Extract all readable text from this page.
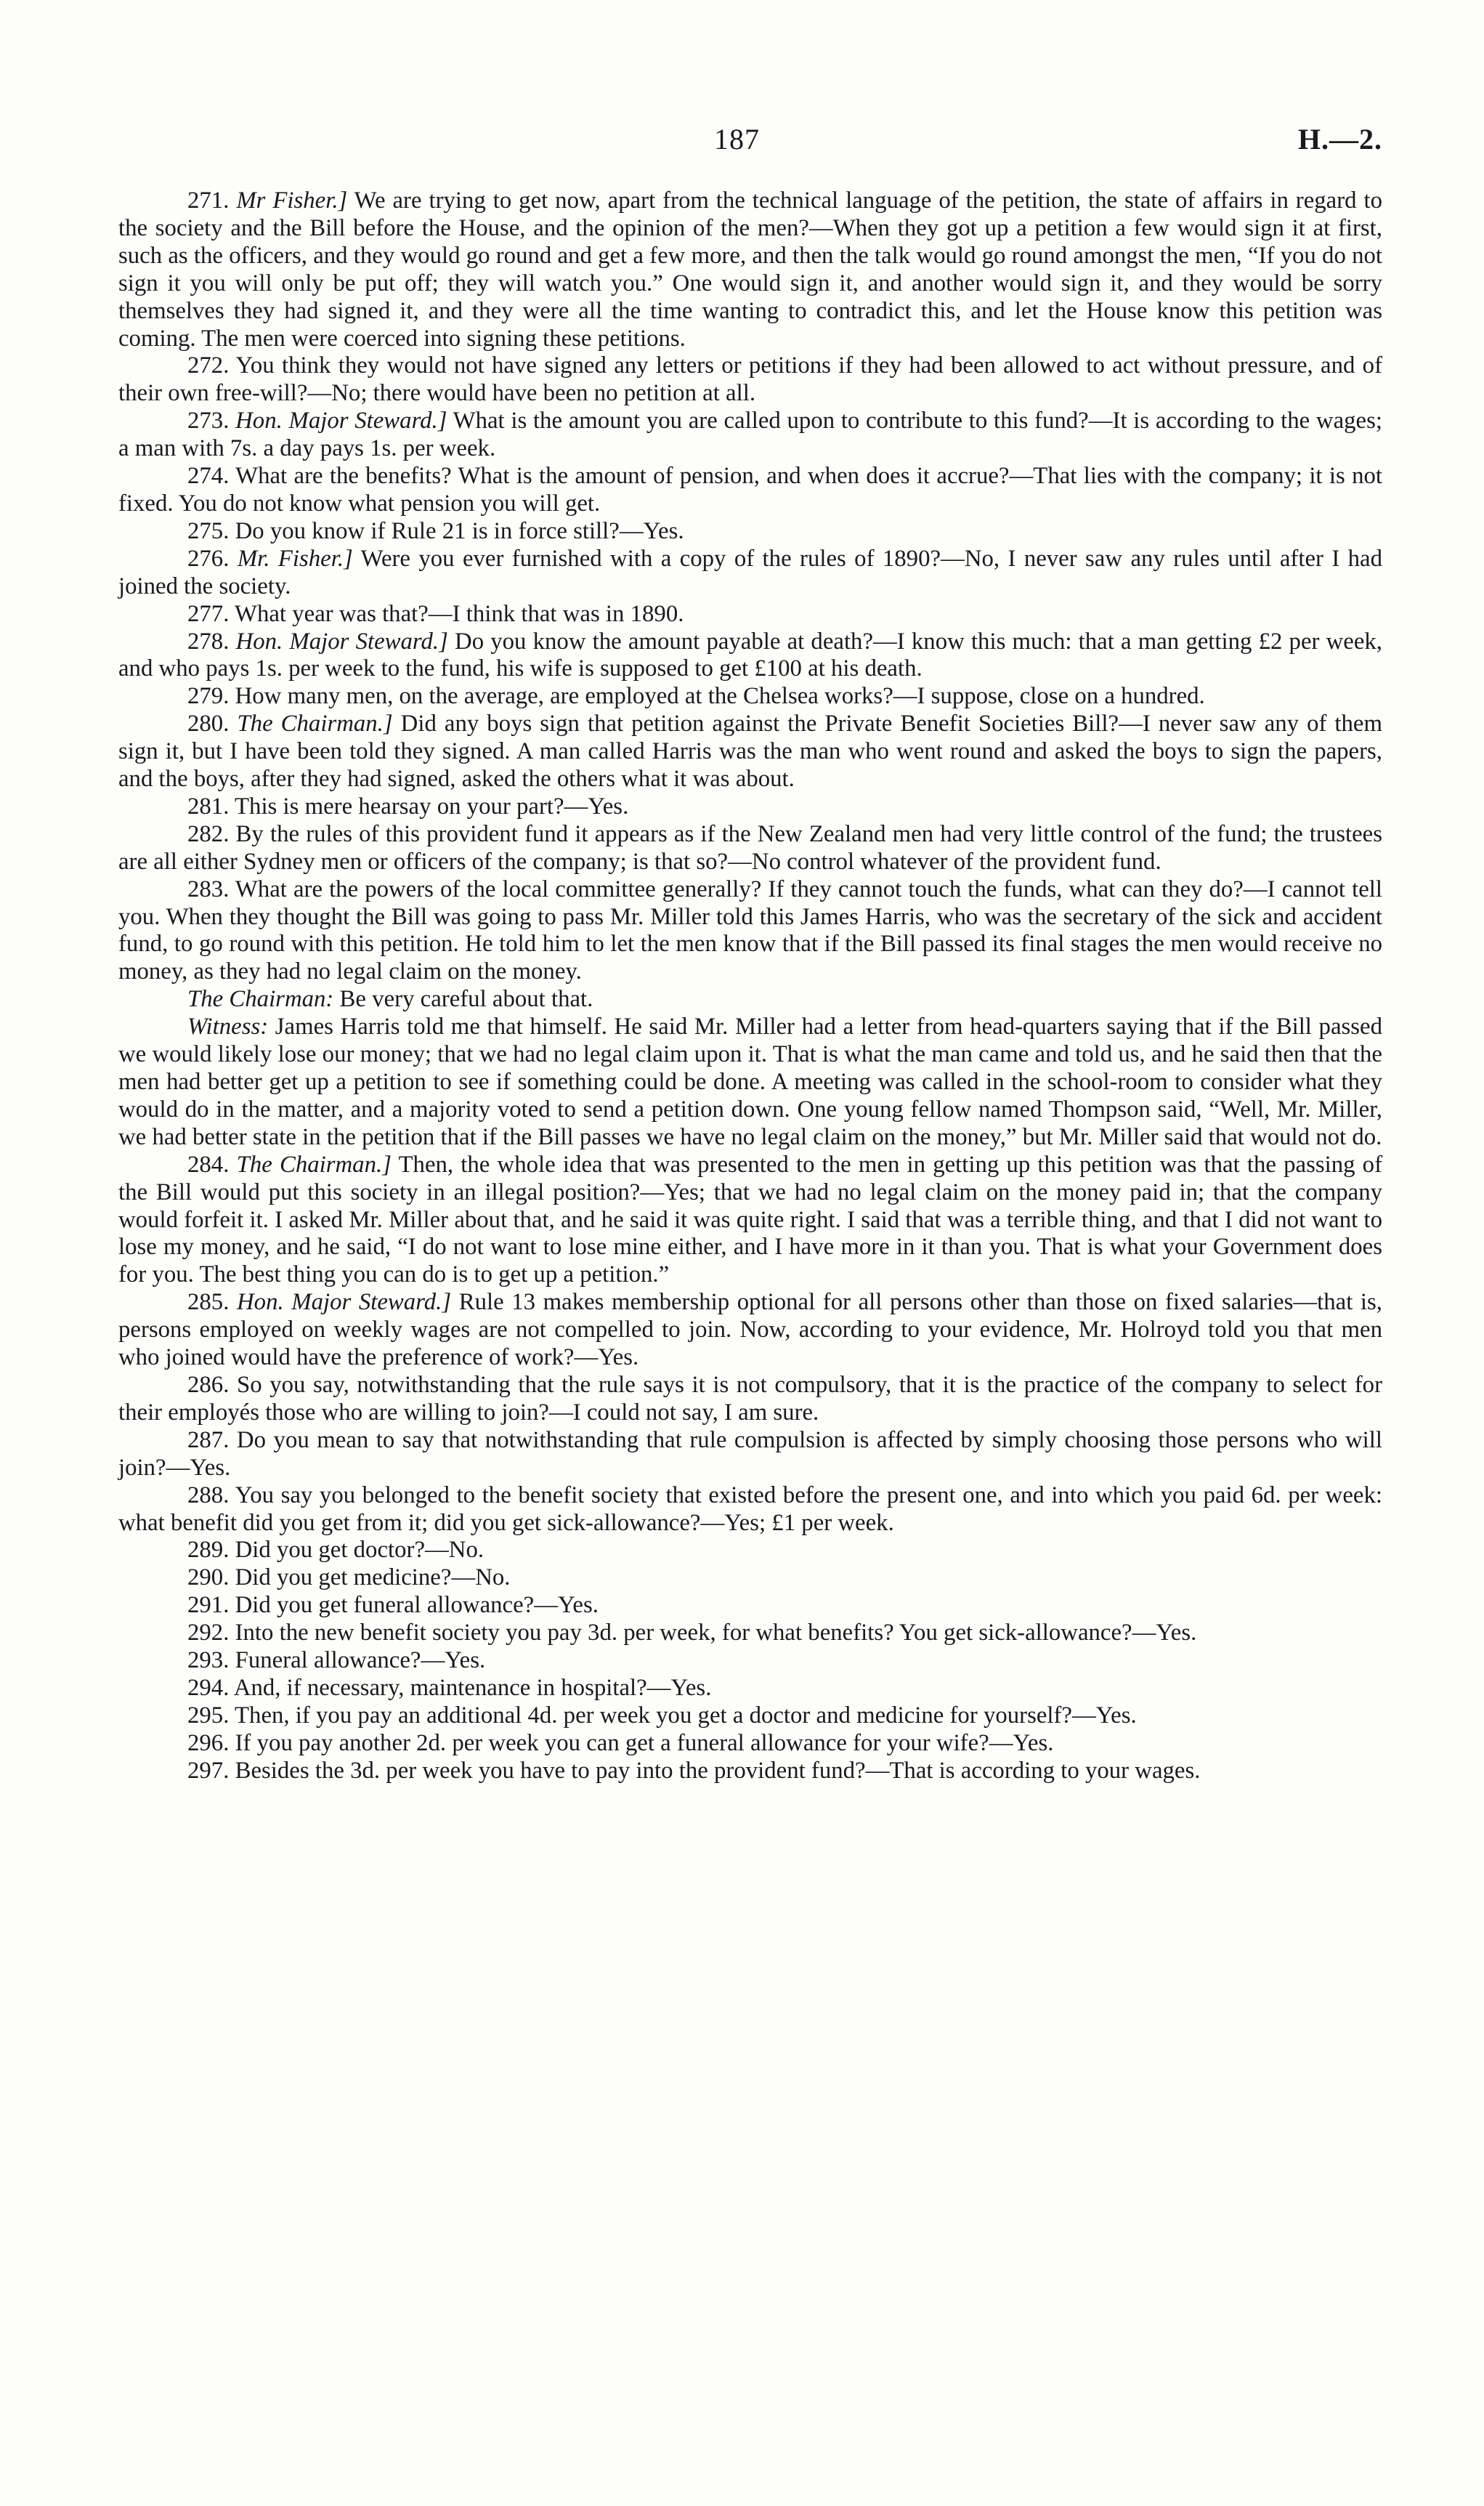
187	H.—2.

271. Mr Fisher.] We are trying to get now, apart from the technical language of the petition, the state of affairs in regard to the society and the Bill before the House, and the opinion of the men?—When they got up a petition a few would sign it at first, such as the officers, and they would go round and get a few more, and then the talk would go round amongst the men, “If you do not sign it you will only be put off; they will watch you.” One would sign it, and another would sign it, and they would be sorry themselves they had signed it, and they were all the time wanting to contradict this, and let the House know this petition was coming. The men were coerced into signing these petitions.

272. You think they would not have signed any letters or petitions if they had been allowed to act without pressure, and of their own free-will?—No; there would have been no petition at all.

273. Hon. Major Steward.] What is the amount you are called upon to contribute to this fund?—It is according to the wages; a man with 7s. a day pays 1s. per week.

274. What are the benefits? What is the amount of pension, and when does it accrue?—That lies with the company; it is not fixed. You do not know what pension you will get.

275. Do you know if Rule 21 is in force still?—Yes.

276. Mr. Fisher.] Were you ever furnished with a copy of the rules of 1890?—No, I never saw any rules until after I had joined the society.

277. What year was that?—I think that was in 1890.

278. Hon. Major Steward.] Do you know the amount payable at death?—I know this much: that a man getting £2 per week, and who pays 1s. per week to the fund, his wife is supposed to get £100 at his death.

279. How many men, on the average, are employed at the Chelsea works?—I suppose, close on a hundred.

280. The Chairman.] Did any boys sign that petition against the Private Benefit Societies Bill?—I never saw any of them sign it, but I have been told they signed. A man called Harris was the man who went round and asked the boys to sign the papers, and the boys, after they had signed, asked the others what it was about.

281. This is mere hearsay on your part?—Yes.

282. By the rules of this provident fund it appears as if the New Zealand men had very little control of the fund; the trustees are all either Sydney men or officers of the company; is that so?—No control whatever of the provident fund.

283. What are the powers of the local committee generally? If they cannot touch the funds, what can they do?—I cannot tell you. When they thought the Bill was going to pass Mr. Miller told this James Harris, who was the secretary of the sick and accident fund, to go round with this petition. He told him to let the men know that if the Bill passed its final stages the men would receive no money, as they had no legal claim on the money.

The Chairman: Be very careful about that.

Witness: James Harris told me that himself. He said Mr. Miller had a letter from head-quarters saying that if the Bill passed we would likely lose our money; that we had no legal claim upon it. That is what the man came and told us, and he said then that the men had better get up a petition to see if something could be done. A meeting was called in the school-room to consider what they would do in the matter, and a majority voted to send a petition down. One young fellow named Thompson said, “Well, Mr. Miller, we had better state in the petition that if the Bill passes we have no legal claim on the money,” but Mr. Miller said that would not do.

284. The Chairman.] Then, the whole idea that was presented to the men in getting up this petition was that the passing of the Bill would put this society in an illegal position?—Yes; that we had no legal claim on the money paid in; that the company would forfeit it. I asked Mr. Miller about that, and he said it was quite right. I said that was a terrible thing, and that I did not want to lose my money, and he said, “I do not want to lose mine either, and I have more in it than you. That is what your Government does for you. The best thing you can do is to get up a petition.”

285. Hon. Major Steward.] Rule 13 makes membership optional for all persons other than those on fixed salaries—that is, persons employed on weekly wages are not compelled to join. Now, according to your evidence, Mr. Holroyd told you that men who joined would have the preference of work?—Yes.

286. So you say, notwithstanding that the rule says it is not compulsory, that it is the practice of the company to select for their employés those who are willing to join?—I could not say, I am sure.

287. Do you mean to say that notwithstanding that rule compulsion is affected by simply choosing those persons who will join?—Yes.

288. You say you belonged to the benefit society that existed before the present one, and into which you paid 6d. per week: what benefit did you get from it; did you get sick-allowance?—Yes; £1 per week.

289. Did you get doctor?—No.

290. Did you get medicine?—No.

291. Did you get funeral allowance?—Yes.

292. Into the new benefit society you pay 3d. per week, for what benefits? You get sick-allowance?—Yes.

293. Funeral allowance?—Yes.

294. And, if necessary, maintenance in hospital?—Yes.

295. Then, if you pay an additional 4d. per week you get a doctor and medicine for yourself?—Yes.

296. If you pay another 2d. per week you can get a funeral allowance for your wife?—Yes.

297. Besides the 3d. per week you have to pay into the provident fund?—That is according to your wages.
